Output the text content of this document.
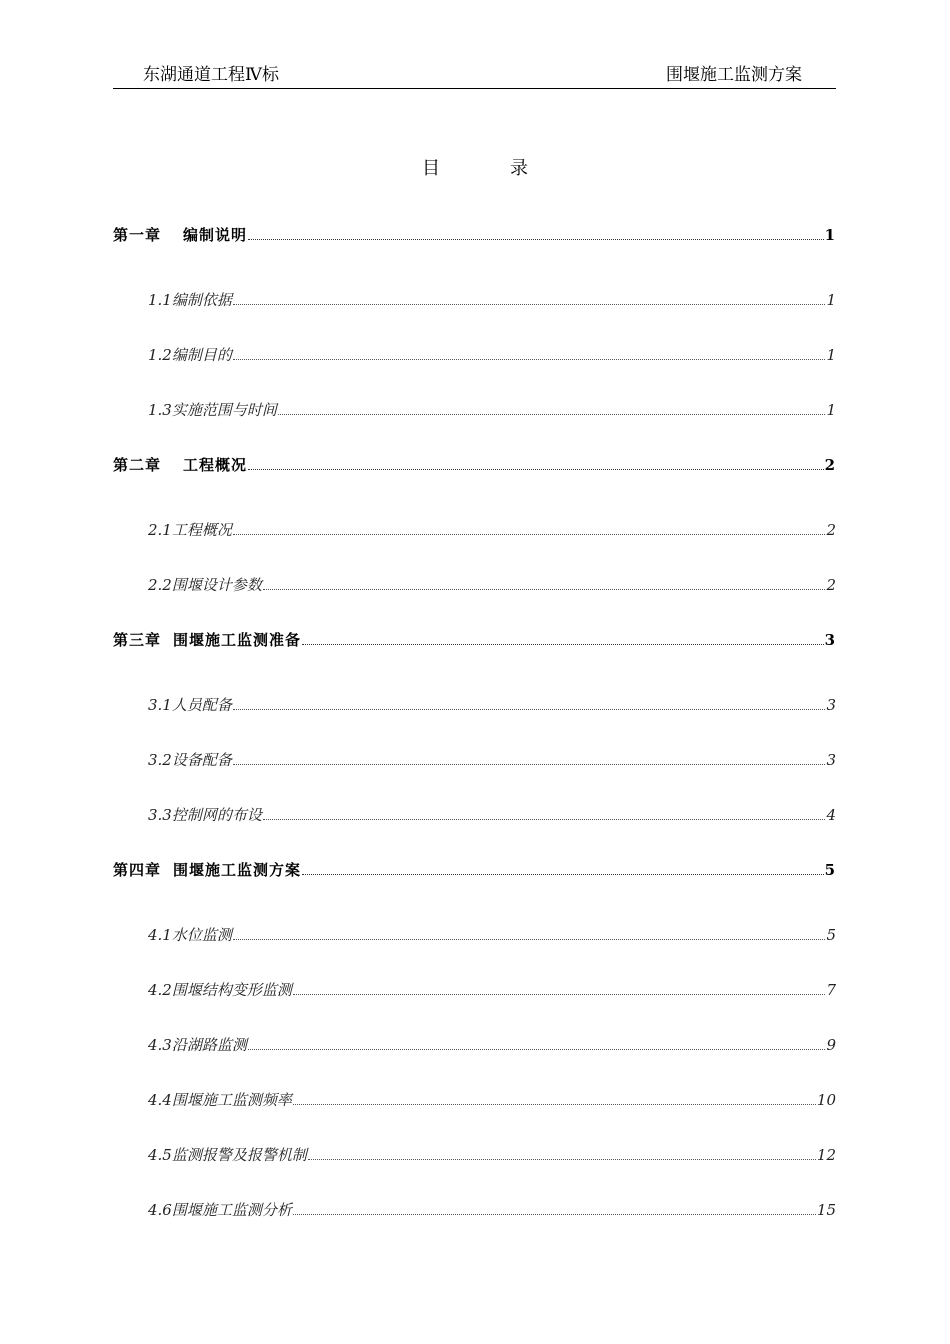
东湖通道工程Ⅳ标	围堰施工监测方案
目	录
第一章 编制说明	1
1.1编制依据	1
1.2编制目的	1
1.3实施范围与时间	1
第二章 工程概况	2
2.1工程概况	2
2.2围堰设计参数	2
第三章 围堰施工监测准备	3
3.1人员配备	3
3.2设备配备	3
3.3控制网的布设	4
第四章 围堰施工监测方案	5
4.1水位监测	5
4.2围堰结构变形监测	7
4.3沿湖路监测	9
4.4围堰施工监测频率	10
4.5监测报警及报警机制	12
4.6围堰施工监测分析	15
